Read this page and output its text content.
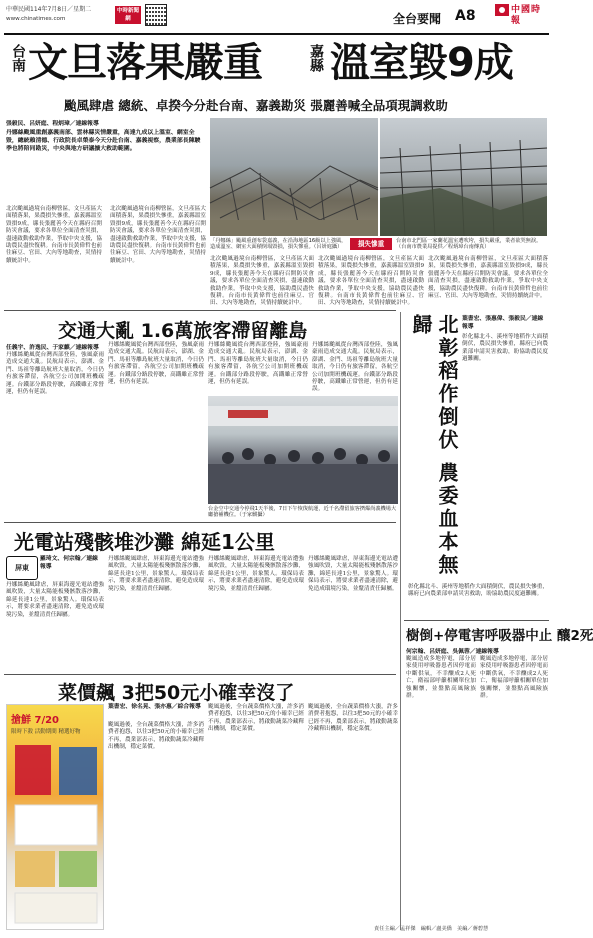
中華民國114年7月8日／星期二
www.chinatimes.com
中時新聞網	全台要聞 A8	中國時報
台南 文旦落果嚴重	嘉縣 溫室毀9成
颱風肆虐 總統、卓揆今分赴台南、嘉義勘災 張麗善喊全品項現調救助
張毅民、呂妍庭、程炳璋／連線報導
丹娜絲颱風重創嘉義南部、雲林縣災情嚴重，高達九成以上溫室、網室全毀，總統賴清德、行政院長卓榮泰今天分赴台南、嘉義視察，農業部長陳駿季也將陪同勘災，中央與地方研議擴大救助範圍。
北次颱風過境台南柳營區，文旦產區大面積落果，果農損失慘重，嘉義縣溫室毀損9成，縣長張麗善今天在縣府召開防災會議，要求各單位全面清查災損，盡速啟動救助作業，爭取中央支援，協助農民盡快復耕。台南市長黃偉哲也前往麻豆、官田、大內等地勘查，災情持續統計中。
北次颱風過境台南柳營區，文旦產區大面積落果，果農損失慘重，嘉義縣溫室毀損9成，縣長張麗善今天在縣府召開防災會議，要求各單位全面清查災損，盡速啟動救助作業，爭取中央支援，協助農民盡快復耕。台南市長黃偉哲也前往麻豆、官田、大內等地勘查，災情持續統計中。
「丹娜絲」颱風重創布袋嘉義，在沿海地區16級以上強風，造成溫室、網室大面積倒塌毀損，損失慘重。（呂妍庭攝）	損失慘重	台南市北門區一家蘭花溫室遭吹垮，損失嚴重，業者欲哭無淚。（台南市農業局提供／程炳璋台南傳真）
北次颱風過境台南柳營區，文旦產區大面積落果，果農損失慘重，嘉義縣溫室毀損9成，縣長張麗善今天在縣府召開防災會議，要求各單位全面清查災損，盡速啟動救助作業，爭取中央支援，協助農民盡快復耕。台南市長黃偉哲也前往麻豆、官田、大內等地勘查，災情持續統計中。
北次颱風過境台南柳營區，文旦產區大面積落果，果農損失慘重，嘉義縣溫室毀損9成，縣長張麗善今天在縣府召開防災會議，要求各單位全面清查災損，盡速啟動救助作業，爭取中央支援，協助農民盡快復耕。台南市長黃偉哲也前往麻豆、官田、大內等地勘查，災情持續統計中。
北次颱風過境台南柳營區，文旦產區大面積落果，果農損失慘重，嘉義縣溫室毀損9成，縣長張麗善今天在縣府召開防災會議，要求各單位全面清查災損，盡速啟動救助作業，爭取中央支援，協助農民盡快復耕。台南市長黃偉哲也前往麻豆、官田、大內等地勘查，災情持續統計中。
交通大亂 1.6萬旅客滯留離島
任義宇、許逸民、于家麒／連線報導
丹娜絲颱風從台灣西部登陸，強風豪雨造成交通大亂。民航局表示，澎湖、金門、馬祖等離島航班大量取消，今日仍有旅客滯留，各航空公司加開班機疏運。台鐵部分路段停駛，高鐵雖正常營運，但仍有延誤。
丹娜絲颱風從台灣西部登陸，強風豪雨造成交通大亂。民航局表示，澎湖、金門、馬祖等離島航班大量取消，今日仍有旅客滯留，各航空公司加開班機疏運。台鐵部分路段停駛，高鐵雖正常營運，但仍有延誤。
丹娜絲颱風從台灣西部登陸，強風豪雨造成交通大亂。民航局表示，澎湖、金門、馬祖等離島航班大量取消，今日仍有旅客滯留，各航空公司加開班機疏運。台鐵部分路段停駛，高鐵雖正常營運，但仍有延誤。
丹娜絲颱風從台灣西部登陸，強風豪雨造成交通大亂。民航局表示，澎湖、金門、馬祖等離島航班大量取消，今日仍有旅客滯留，各航空公司加開班機疏運。台鐵部分路段停駛，高鐵雖正常營運，但仍有延誤。
台金空中交通今停飛1天半後，7日下午恢復航運，近千名滯留旅客擠爆尚義機場大廳搶補機位。（于家麒攝）
光電站殘骸堆沙灘 綿延1公里
屏東
羅琦文、何宗翰／連線報導
丹娜絲颱風肆虐，屏東海邊光電站遭強風吹毀，大量太陽能板殘骸散落沙灘，綿延長達1公里，景象驚人。環保局表示，將要求業者盡速清除，避免造成環境污染，並釐清責任歸屬。
丹娜絲颱風肆虐，屏東海邊光電站遭強風吹毀，大量太陽能板殘骸散落沙灘，綿延長達1公里，景象驚人。環保局表示，將要求業者盡速清除，避免造成環境污染，並釐清責任歸屬。
丹娜絲颱風肆虐，屏東海邊光電站遭強風吹毀，大量太陽能板殘骸散落沙灘，綿延長達1公里，景象驚人。環保局表示，將要求業者盡速清除，避免造成環境污染，並釐清責任歸屬。
丹娜絲颱風肆虐，屏東海邊光電站遭強風吹毀，大量太陽能板殘骸散落沙灘，綿延長達1公里，景象驚人。環保局表示，將要求業者盡速清除，避免造成環境污染，並釐清責任歸屬。
菜價飆 3把50元小確幸沒了
搶鮮 7/20
限時下殺 活動期間 精選好物
葉書宏、徐名晃、張亦惠／綜合報導
颱風過後，全台蔬菜價格大漲，許多消費者抱怨，以往3把50元的小確幸已經不再，農業部表示，將啟動蔬菜冷藏釋出機制，穩定菜價。
颱風過後，全台蔬菜價格大漲，許多消費者抱怨，以往3把50元的小確幸已經不再，農業部表示，將啟動蔬菜冷藏釋出機制，穩定菜價。
颱風過後，全台蔬菜價格大漲，許多消費者抱怨，以往3把50元的小確幸已經不再，農業部表示，將啟動蔬菜冷藏釋出機制，穩定菜價。
北彰稻作倒伏 農委血本無歸	葉書宏、張惠偉、張毅民／連線報導
彰化縣北斗、溪州等地稻作大面積倒伏，農民損失慘重，縣府已向農業部申請災害救助，盼協助農民度過難關。
彰化縣北斗、溪州等地稻作大面積倒伏，農民損失慘重，縣府已向農業部申請災害救助，盼協助農民度過難關。
樹倒+停電害呼吸器中止 釀2死
何宗翰、呂妍庭、吳佩蓉／連線報導
颱風造成多地停電，部分居家使用呼吸器患者因停電而中斷供氧，不幸釀成2人死亡，衛福部呼籲相關單位加強關懷，並盤點高風險族群。
颱風造成多地停電，部分居家使用呼吸器患者因停電而中斷供氧，不幸釀成2人死亡，衛福部呼籲相關單位加強關懷，並盤點高風險族群。
責任主編／孟祥傑　編輯／盧美僑　美編／蔣碧慧
